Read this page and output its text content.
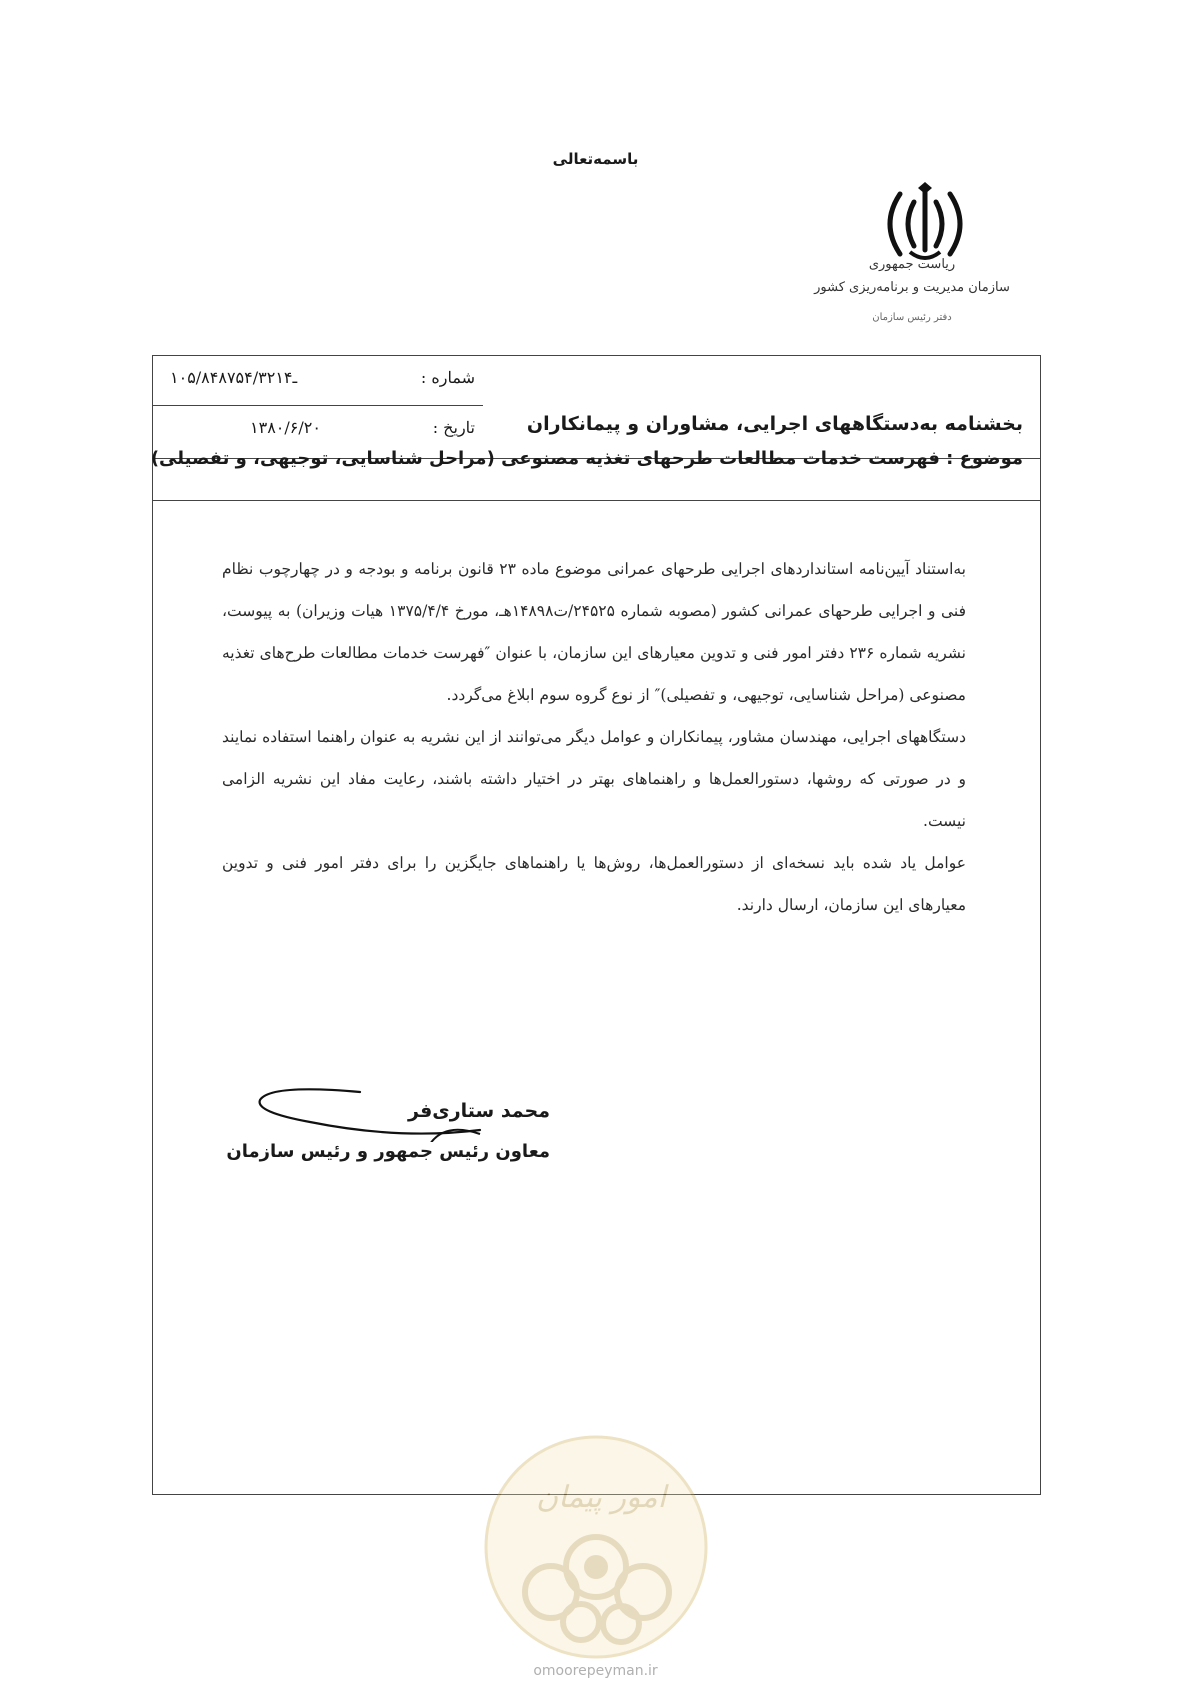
باسمه‌تعالی
ریاست جمهوری
سازمان مدیریت و برنامه‌ریزی کشور
دفتر رئیس سازمان
شماره :
۱۰۵/۸۴۸۷ـ۵۴/۳۲۱۴
تاریخ :
۱۳۸۰/۶/۲۰	بخشنامه به‌دستگاههای اجرایی، مشاوران و پیمانکاران
موضوع : فهرست خدمات مطالعات طرحهای تغذیه مصنوعی (مراحل شناسایی، توجیهی، و تفصیلی)

به‌استناد آیین‌نامه استانداردهای اجرایی طرحهای عمرانی موضوع ماده ۲۳ قانون برنامه و بودجه و در چهارچوب نظام فنی و اجرایی طرحهای عمرانی کشور (مصوبه شماره ۲۴۵۲۵/ت۱۴۸۹۸هـ، مورخ ۱۳۷۵/۴/۴ هیات وزیران) به پیوست، نشریه شماره ۲۳۶ دفتر امور فنی و تدوین معیارهای این سازمان، با عنوان ″فهرست خدمات مطالعات طرح‌های تغذیه مصنوعی (مراحل شناسایی، توجیهی، و تفصیلی)″ از نوع گروه سوم ابلاغ می‌گردد.

دستگاههای اجرایی، مهندسان مشاور، پیمانکاران و عوامل دیگر می‌توانند از این نشریه به عنوان راهنما استفاده نمایند و در صورتی که روشها، دستورالعمل‌ها و راهنماهای بهتر در اختیار داشته باشند، رعایت مفاد این نشریه الزامی نیست.

عوامل یاد شده باید نسخه‌ای از دستورالعمل‌ها، روش‌ها یا راهنماهای جایگزین را برای دفتر امور فنی و تدوین معیارهای این سازمان، ارسال دارند.

محمد ستاری‌فر
معاون رئیس جمهور و رئیس سازمان
امور پیمان
omoorepeyman.ir
